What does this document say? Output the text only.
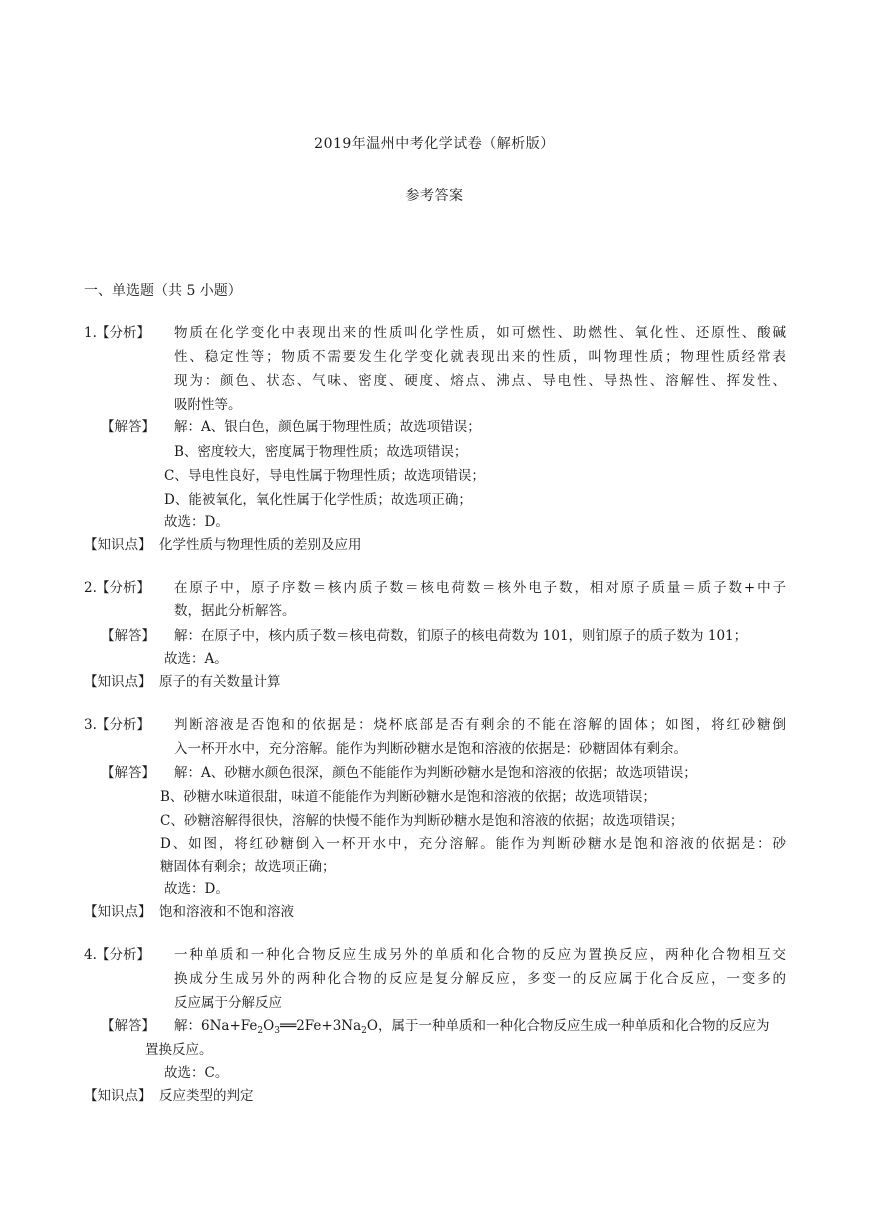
2019年温州中考化学试卷（解析版）
参考答案
一、单选题（共 5 小题）
1. 【分析】 物质在化学变化中表现出来的性质叫化学性质，如可燃性、助燃性、氧化性、还原性、酸碱
性、稳定性等；物质不需要发生化学变化就表现出来的性质，叫物理性质；物理性质经常表
现为：颜色、状态、气味、密度、硬度、熔点、沸点、导电性、导热性、溶解性、挥发性、
吸附性等。
【解答】 解：A、银白色，颜色属于物理性质；故选项错误；
B、密度较大，密度属于物理性质；故选项错误；
C、导电性良好，导电性属于物理性质；故选项错误；
D、能被氧化，氧化性属于化学性质；故选项正确；
故选：D。
【知识点】 化学性质与物理性质的差别及应用
2. 【分析】 在原子中，原子序数＝核内质子数＝核电荷数＝核外电子数，相对原子质量＝质子数+中子
数，据此分析解答。
【解答】 解：在原子中，核内质子数＝核电荷数，钔原子的核电荷数为 101，则钔原子的质子数为 101；
故选：A。
【知识点】 原子的有关数量计算
3. 【分析】 判断溶液是否饱和的依据是：烧杯底部是否有剩余的不能在溶解的固体；如图，将红砂糖倒
入一杯开水中，充分溶解。能作为判断砂糖水是饱和溶液的依据是：砂糖固体有剩余。
【解答】 解：A、砂糖水颜色很深，颜色不能能作为判断砂糖水是饱和溶液的依据；故选项错误；
B、砂糖水味道很甜，味道不能能作为判断砂糖水是饱和溶液的依据；故选项错误；
C、砂糖溶解得很快，溶解的快慢不能作为判断砂糖水是饱和溶液的依据；故选项错误；
D、如图，将红砂糖倒入一杯开水中，充分溶解。能作为判断砂糖水是饱和溶液的依据是：砂
糖固体有剩余；故选项正确；
故选：D。
【知识点】 饱和溶液和不饱和溶液
4. 【分析】 一种单质和一种化合物反应生成另外的单质和化合物的反应为置换反应，两种化合物相互交
换成分生成另外的两种化合物的反应是复分解反应，多变一的反应属于化合反应，一变多的
反应属于分解反应
【解答】 解：$6Na+Fe_2O_3══2Fe+3Na_2O$，属于一种单质和一种化合物反应生成一种单质和化合物的反应为
置换反应。
故选：C。
【知识点】 反应类型的判定
